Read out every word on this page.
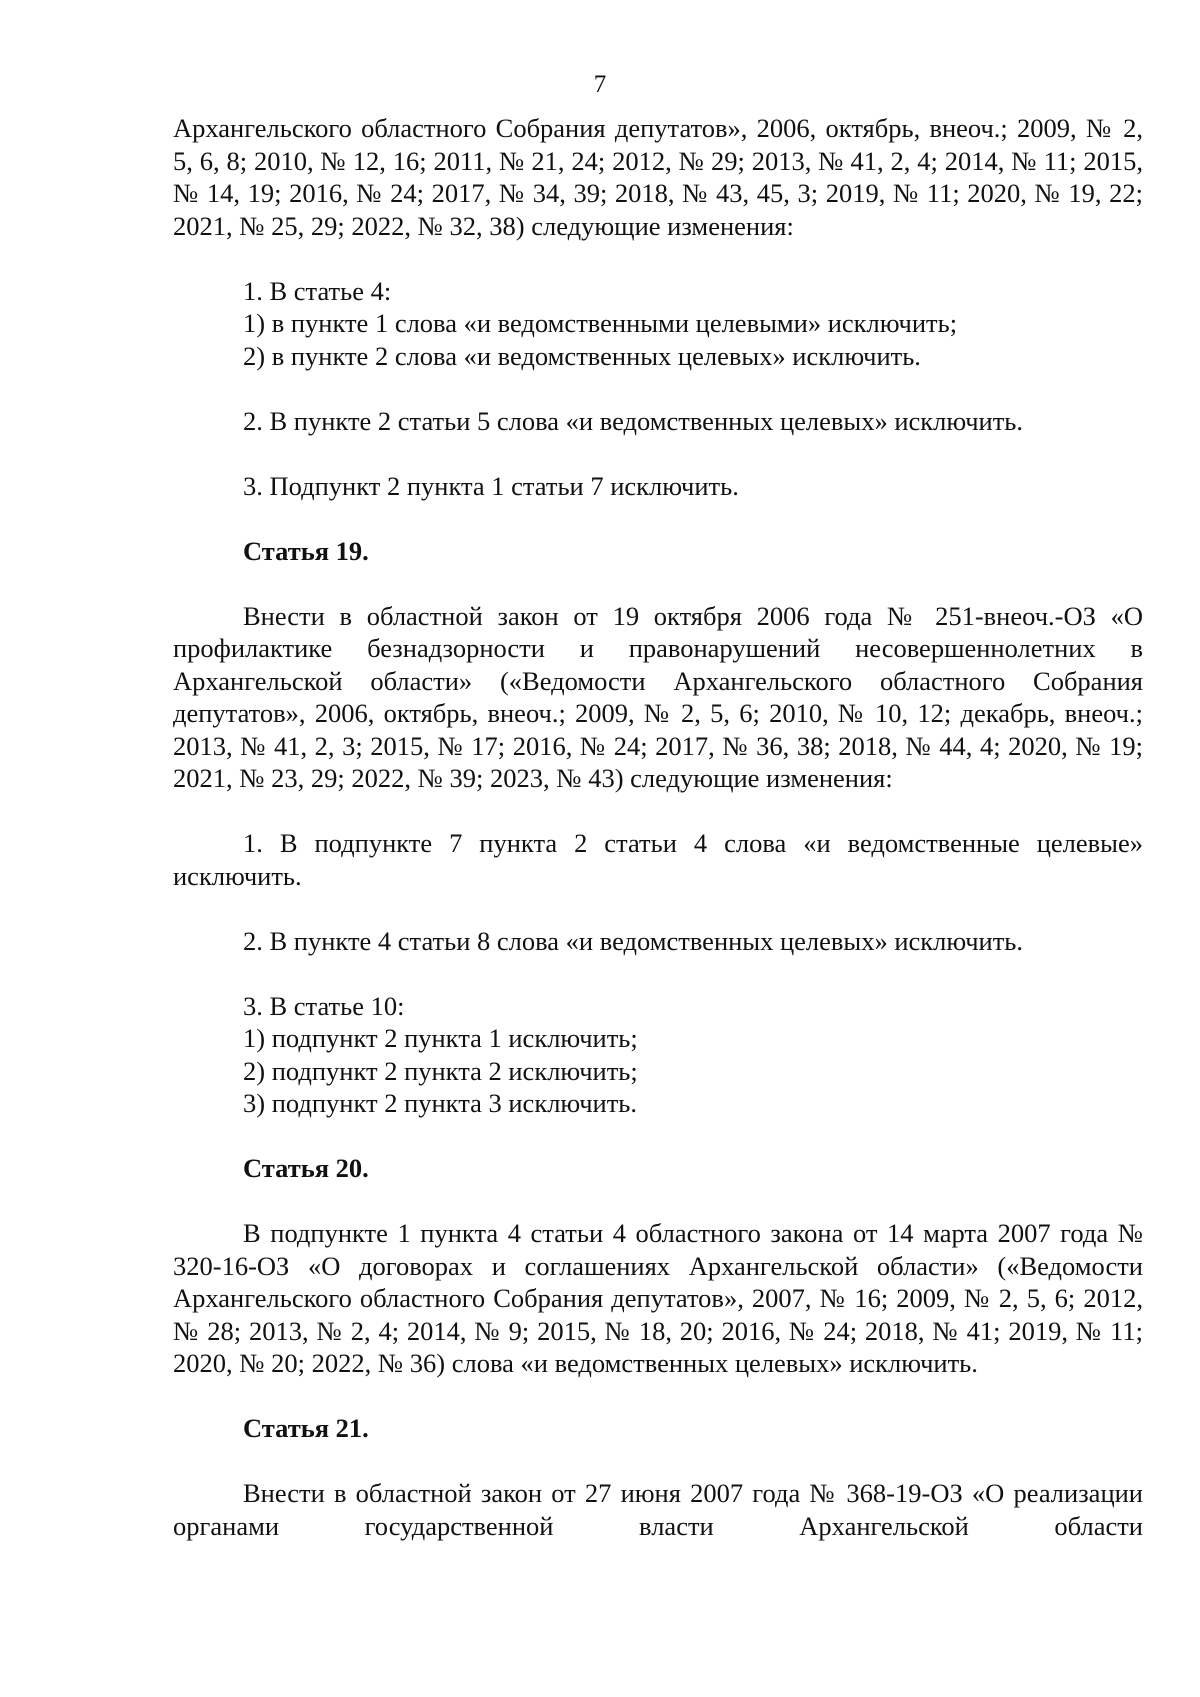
7

Архангельского областного Собрания депутатов», 2006, октябрь, внеоч.; 2009, № 2, 5, 6, 8; 2010, № 12, 16; 2011, № 21, 24; 2012, № 29; 2013, № 41, 2, 4; 2014, № 11; 2015, № 14, 19; 2016, № 24; 2017, № 34, 39; 2018, № 43, 45, 3; 2019, № 11; 2020, № 19, 22; 2021, № 25, 29; 2022, № 32, 38) следующие изменения:

1. В статье 4:

1) в пункте 1 слова «и ведомственными целевыми» исключить;

2) в пункте 2 слова «и ведомственных целевых» исключить.

2. В пункте 2 статьи 5 слова «и ведомственных целевых» исключить.

3. Подпункт 2 пункта 1 статьи 7 исключить.

Статья 19.

Внести в областной закон от 19 октября 2006 года № 251-внеоч.-ОЗ «О профилактике безнадзорности и правонарушений несовершеннолетних в Архангельской области» («Ведомости Архангельского областного Собрания депутатов», 2006, октябрь, внеоч.; 2009, № 2, 5, 6; 2010, № 10, 12; декабрь, внеоч.; 2013, № 41, 2, 3; 2015, № 17; 2016, № 24; 2017, № 36, 38; 2018, № 44, 4; 2020, № 19; 2021, № 23, 29; 2022, № 39; 2023, № 43) следующие изменения:

1. В подпункте 7 пункта 2 статьи 4 слова «и ведомственные целевые» исключить.

2. В пункте 4 статьи 8 слова «и ведомственных целевых» исключить.

3. В статье 10:

1) подпункт 2 пункта 1 исключить;

2) подпункт 2 пункта 2 исключить;

3) подпункт 2 пункта 3 исключить.

Статья 20.

В подпункте 1 пункта 4 статьи 4 областного закона от 14 марта 2007 года № 320-16-ОЗ «О договорах и соглашениях Архангельской области» («Ведомости Архангельского областного Собрания депутатов», 2007, № 16; 2009, № 2, 5, 6; 2012, № 28; 2013, № 2, 4; 2014, № 9; 2015, № 18, 20; 2016, № 24; 2018, № 41; 2019, № 11; 2020, № 20; 2022, № 36) слова «и ведомственных целевых» исключить.

Статья 21.

Внести в областной закон от 27 июня 2007 года № 368-19-ОЗ «О реализации органами государственной власти Архангельской области
